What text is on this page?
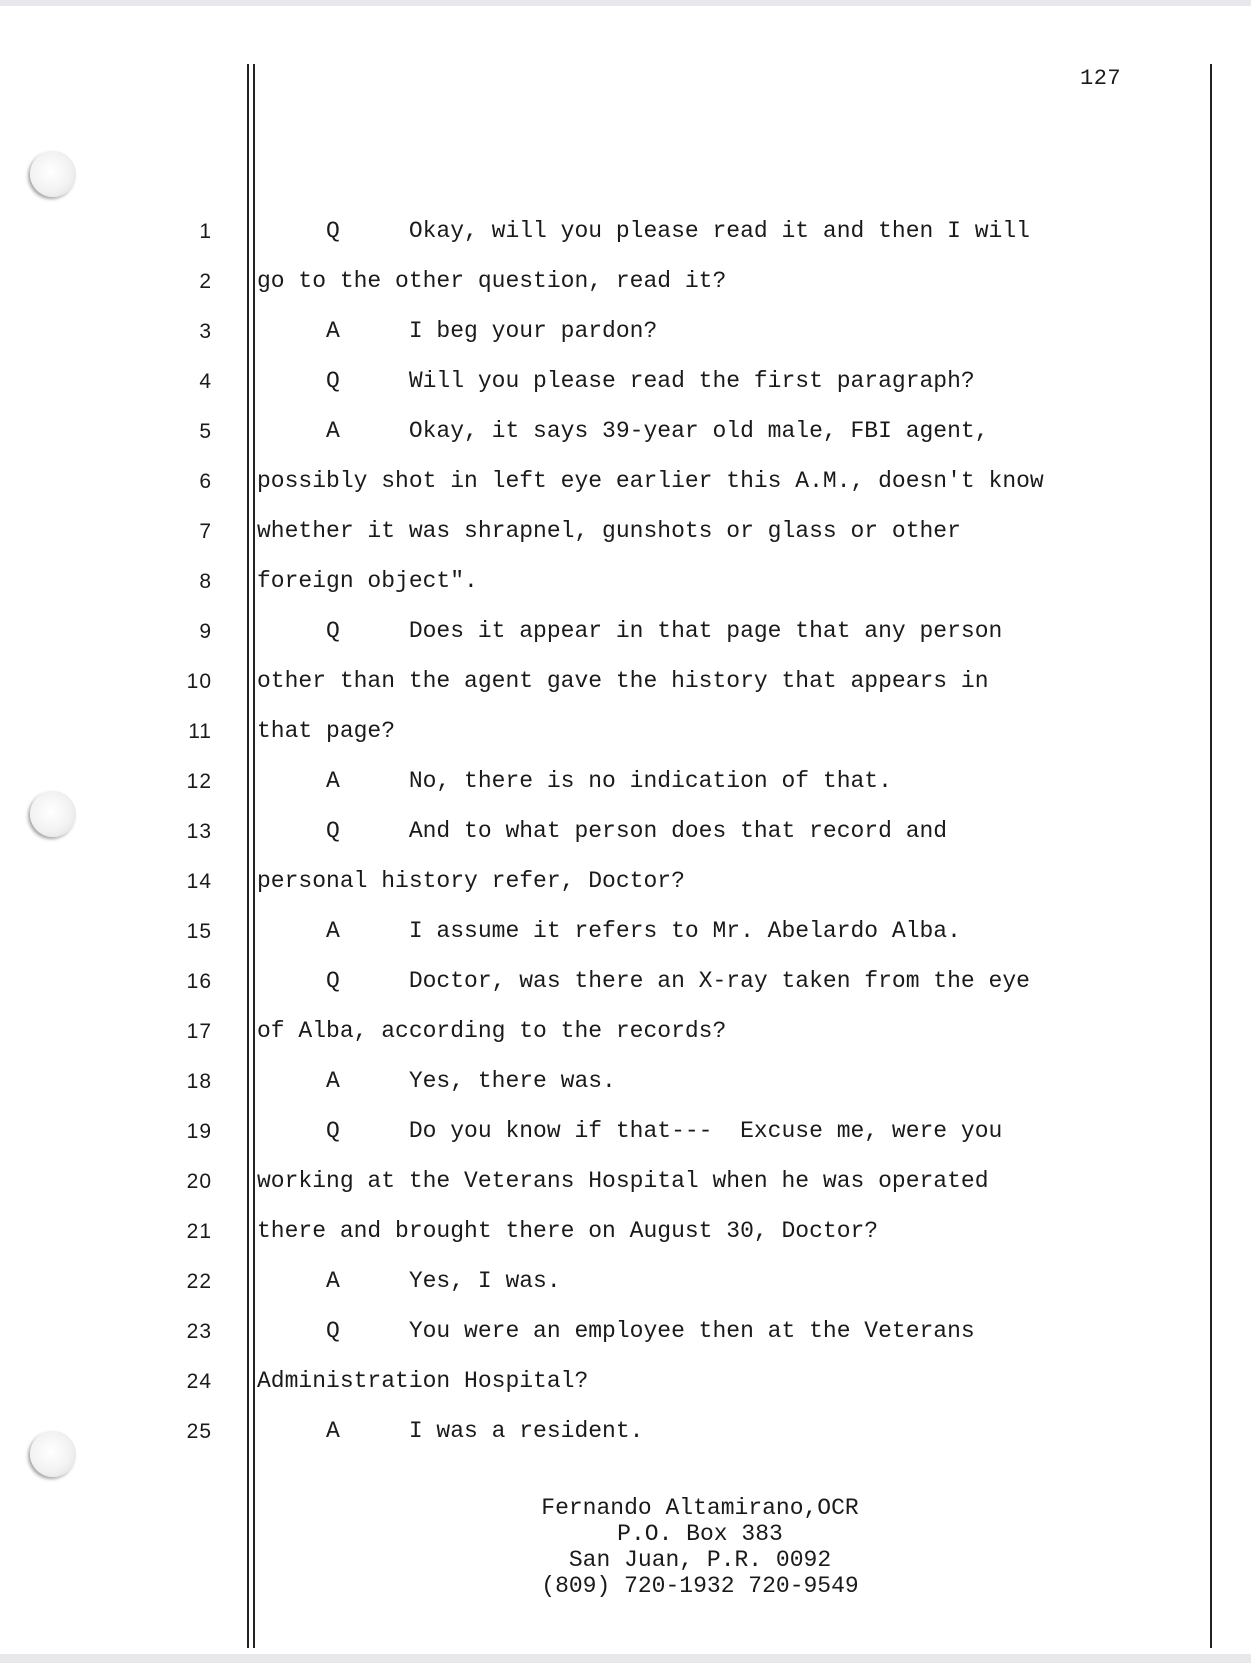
127
1 Q     Okay, will you please read it and then I will
2 go to the other question, read it?
3 A     I beg your pardon?
4 Q     Will you please read the first paragraph?
5 A     Okay, it says 39-year old male, FBI agent,
6 possibly shot in left eye earlier this A.M., doesn't know
7 whether it was shrapnel, gunshots or glass or other
8 foreign object".
9 Q     Does it appear in that page that any person
10 other than the agent gave the history that appears in
11 that page?
12 A     No, there is no indication of that.
13 Q     And to what person does that record and
14 personal history refer, Doctor?
15 A     I assume it refers to Mr. Abelardo Alba.
16 Q     Doctor, was there an X-ray taken from the eye
17 of Alba, according to the records?
18 A     Yes, there was.
19 Q     Do you know if that---  Excuse me, were you
20 working at the Veterans Hospital when he was operated
21 there and brought there on August 30, Doctor?
22 A     Yes, I was.
23 Q     You were an employee then at the Veterans
24 Administration Hospital?
25 A     I was a resident.
Fernando Altamirano,OCR
P.O. Box 383
San Juan, P.R. 0092
(809) 720-1932 720-9549
